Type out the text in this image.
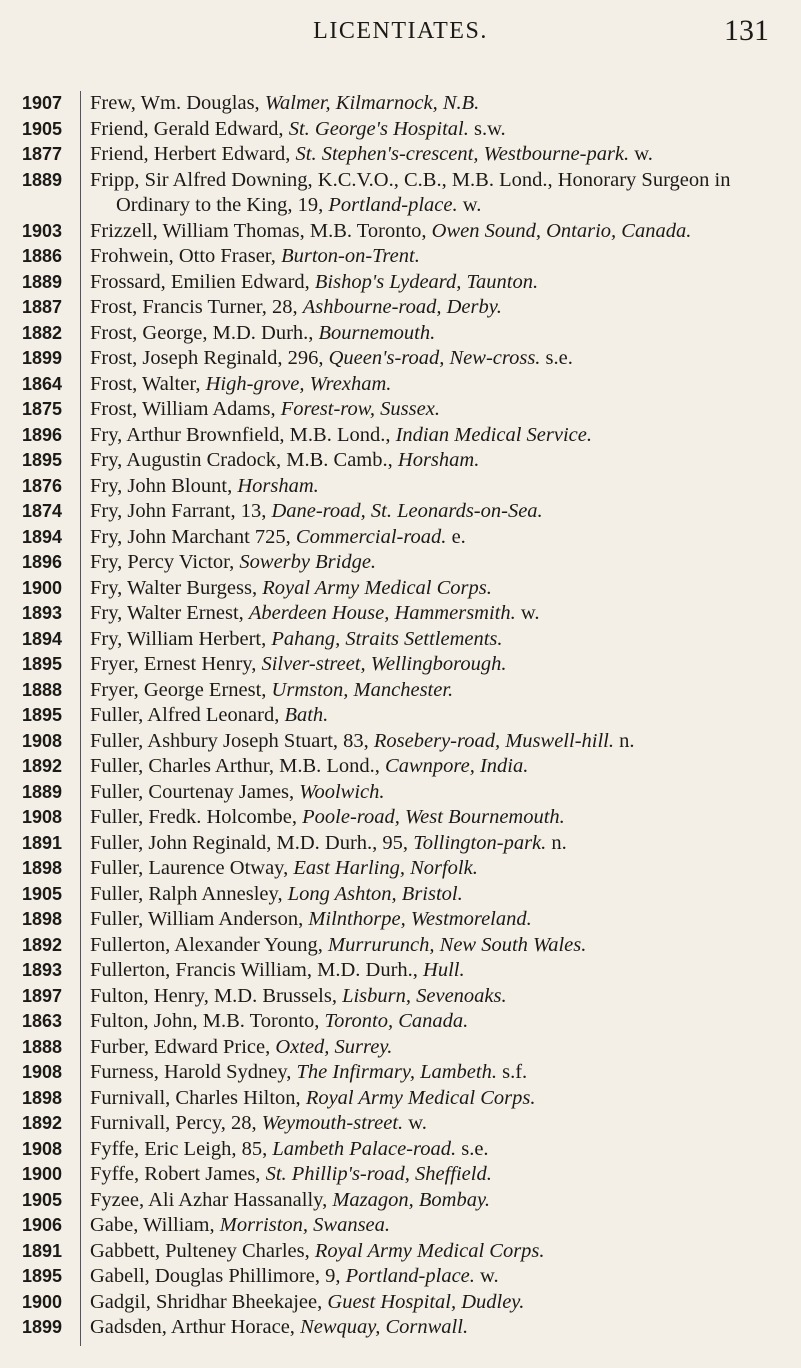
LICENTIATES.	131
1907	Frew, Wm. Douglas, Walmer, Kilmarnock, N.B.
1905	Friend, Gerald Edward, St. George's Hospital. s.w.
1877	Friend, Herbert Edward, St. Stephen's-crescent, Westbourne-park. w.
1889	Fripp, Sir Alfred Downing, K.C.V.O., C.B., M.B. Lond., Honorary Surgeon in Ordinary to the King, 19, Portland-place. w.
1903	Frizzell, William Thomas, M.B. Toronto, Owen Sound, Ontario, Canada.
1886	Frohwein, Otto Fraser, Burton-on-Trent.
1889	Frossard, Emilien Edward, Bishop's Lydeard, Taunton.
1887	Frost, Francis Turner, 28, Ashbourne-road, Derby.
1882	Frost, George, M.D. Durh., Bournemouth.
1899	Frost, Joseph Reginald, 296, Queen's-road, New-cross. s.e.
1864	Frost, Walter, High-grove, Wrexham.
1875	Frost, William Adams, Forest-row, Sussex.
1896	Fry, Arthur Brownfield, M.B. Lond., Indian Medical Service.
1895	Fry, Augustin Cradock, M.B. Camb., Horsham.
1876	Fry, John Blount, Horsham.
1874	Fry, John Farrant, 13, Dane-road, St. Leonards-on-Sea.
1894	Fry, John Marchant 725, Commercial-road. e.
1896	Fry, Percy Victor, Sowerby Bridge.
1900	Fry, Walter Burgess, Royal Army Medical Corps.
1893	Fry, Walter Ernest, Aberdeen House, Hammersmith. w.
1894	Fry, William Herbert, Pahang, Straits Settlements.
1895	Fryer, Ernest Henry, Silver-street, Wellingborough.
1888	Fryer, George Ernest, Urmston, Manchester.
1895	Fuller, Alfred Leonard, Bath.
1908	Fuller, Ashbury Joseph Stuart, 83, Rosebery-road, Muswell-hill. n.
1892	Fuller, Charles Arthur, M.B. Lond., Cawnpore, India.
1889	Fuller, Courtenay James, Woolwich.
1908	Fuller, Fredk. Holcombe, Poole-road, West Bournemouth.
1891	Fuller, John Reginald, M.D. Durh., 95, Tollington-park. n.
1898	Fuller, Laurence Otway, East Harling, Norfolk.
1905	Fuller, Ralph Annesley, Long Ashton, Bristol.
1898	Fuller, William Anderson, Milnthorpe, Westmoreland.
1892	Fullerton, Alexander Young, Murrurunch, New South Wales.
1893	Fullerton, Francis William, M.D. Durh., Hull.
1897	Fulton, Henry, M.D. Brussels, Lisburn, Sevenoaks.
1863	Fulton, John, M.B. Toronto, Toronto, Canada.
1888	Furber, Edward Price, Oxted, Surrey.
1908	Furness, Harold Sydney, The Infirmary, Lambeth. s.f.
1898	Furnivall, Charles Hilton, Royal Army Medical Corps.
1892	Furnivall, Percy, 28, Weymouth-street. w.
1908	Fyffe, Eric Leigh, 85, Lambeth Palace-road. s.e.
1900	Fyffe, Robert James, St. Phillip's-road, Sheffield.
1905	Fyzee, Ali Azhar Hassanally, Mazagon, Bombay.
1906	Gabe, William, Morriston, Swansea.
1891	Gabbett, Pulteney Charles, Royal Army Medical Corps.
1895	Gabell, Douglas Phillimore, 9, Portland-place. w.
1900	Gadgil, Shridhar Bheekajee, Guest Hospital, Dudley.
1899	Gadsden, Arthur Horace, Newquay, Cornwall.
